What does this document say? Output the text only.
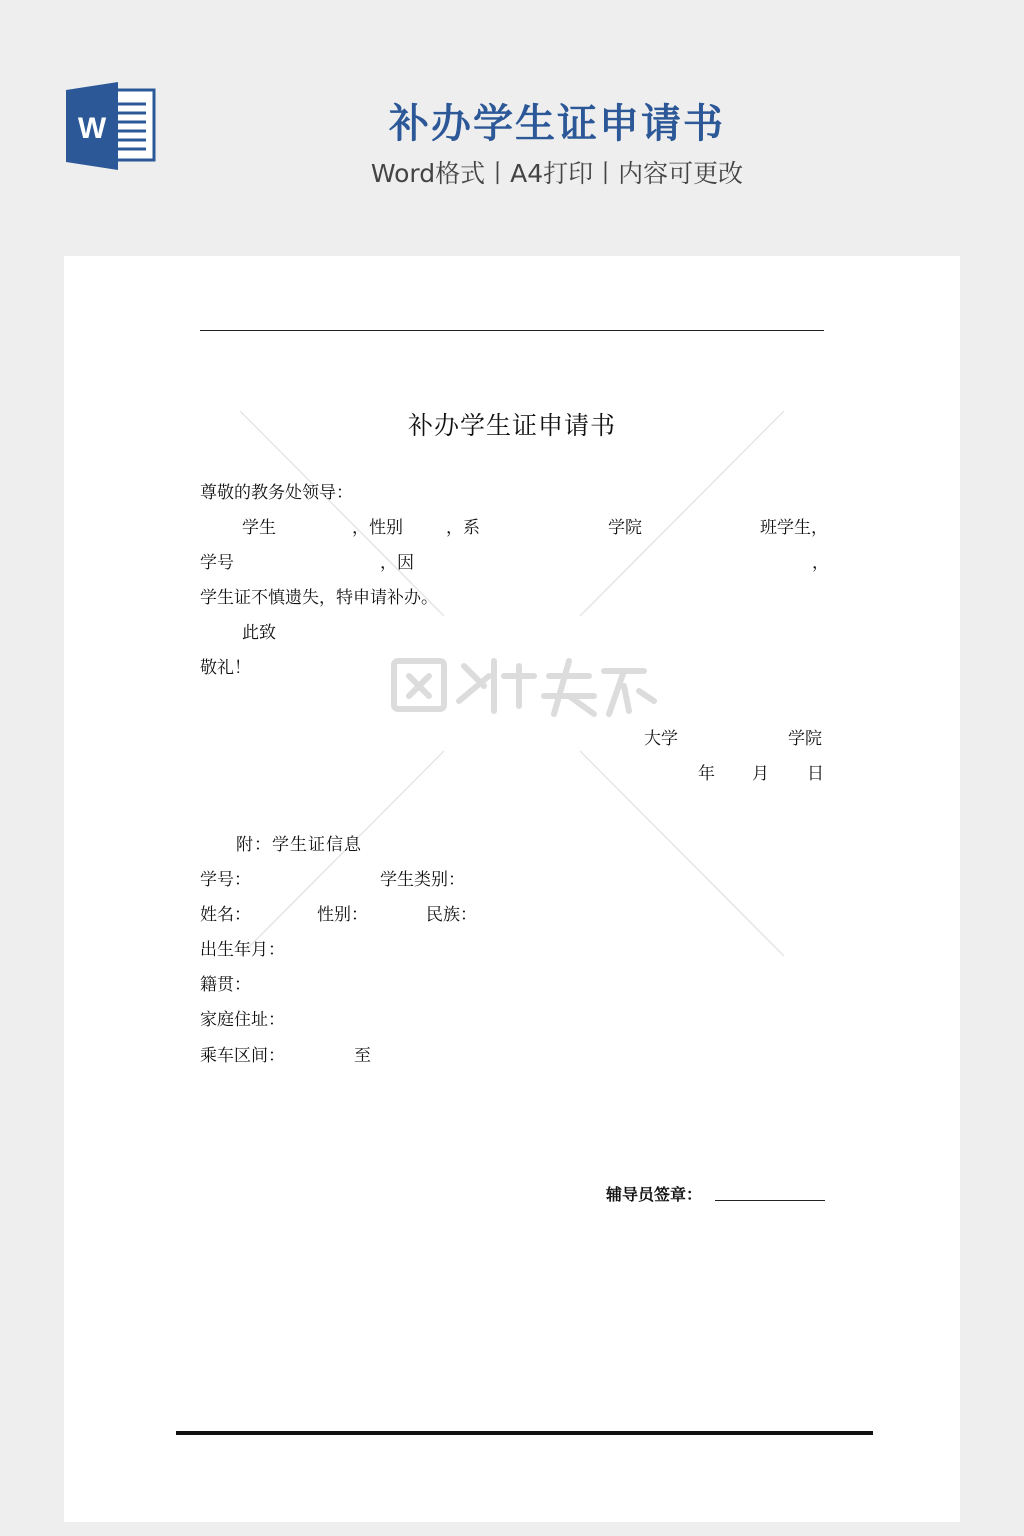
W	补办学生证申请书
Word格式丨A4打印丨内容可更改
补办学生证申请书
尊敬的教务处领导：
学生	，性别	，系	学院	班学生，
学号	，因	，
学生证不慎遗失，特申请补办。
此致
敬礼！
大学	学院
年 月 日
附：学生证信息
学号：	学生类别：
姓名：	性别：	民族：
出生年月：
籍贯：
家庭住址：
乘车区间：	至
辅导员签章：
